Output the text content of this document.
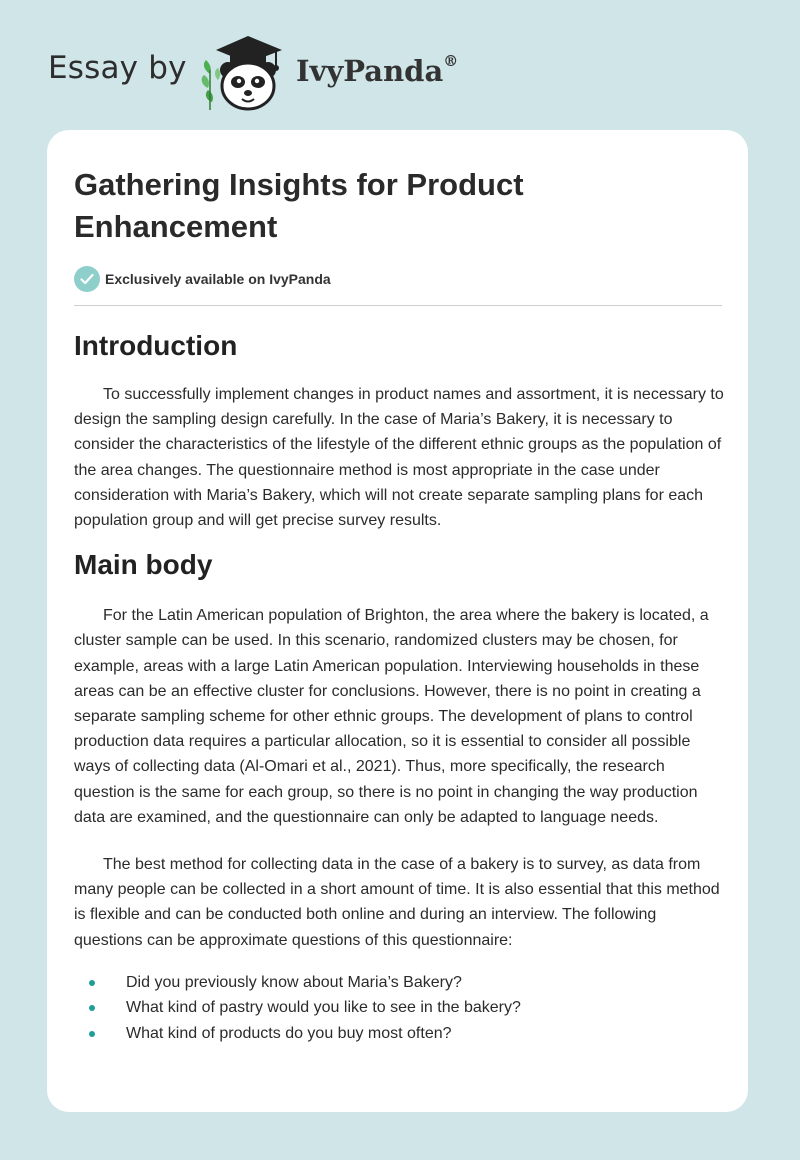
Essay by	IvyPanda®
Gathering Insights for Product Enhancement
Exclusively available on IvyPanda
Introduction

To successfully implement changes in product names and assortment, it is necessary to design the sampling design carefully. In the case of Maria’s Bakery, it is necessary to consider the characteristics of the lifestyle of the different ethnic groups as the population of the area changes. The questionnaire method is most appropriate in the case under consideration with Maria’s Bakery, which will not create separate sampling plans for each population group and will get precise survey results.

Main body

For the Latin American population of Brighton, the area where the bakery is located, a cluster sample can be used. In this scenario, randomized clusters may be chosen, for example, areas with a large Latin American population. Interviewing households in these areas can be an effective cluster for conclusions. However, there is no point in creating a separate sampling scheme for other ethnic groups. The development of plans to control production data requires a particular allocation, so it is essential to consider all possible ways of collecting data (Al-Omari et al., 2021). Thus, more specifically, the research question is the same for each group, so there is no point in changing the way production data are examined, and the questionnaire can only be adapted to language needs.

The best method for collecting data in the case of a bakery is to survey, as data from many people can be collected in a short amount of time. It is also essential that this method is flexible and can be conducted both online and during an interview. The following questions can be approximate questions of this questionnaire:

Did you previously know about Maria’s Bakery?
What kind of pastry would you like to see in the bakery?
What kind of products do you buy most often?
